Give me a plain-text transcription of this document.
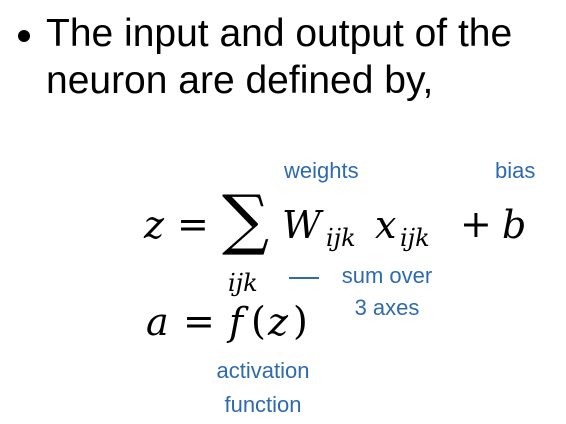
The input and output of the
neuron are defined by,
z = ∑
ijk
W ijk x ijk + b
a = f ( z )
weights	bias
sum over
3 axes
activation
function
